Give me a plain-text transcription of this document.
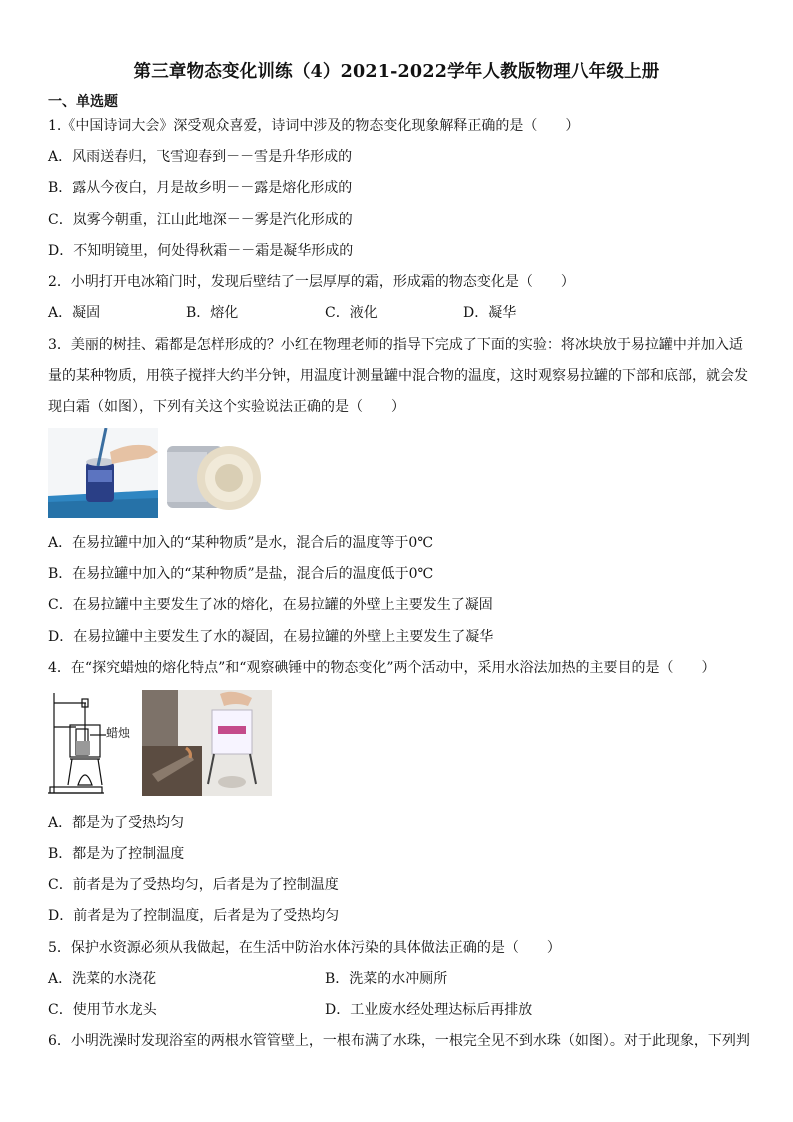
第三章物态变化训练（4）2021-2022学年人教版物理八年级上册
一、单选题
1.《中国诗词大会》深受观众喜爱，诗词中涉及的物态变化现象解释正确的是（　　）
A．风雨送春归，飞雪迎春到－－雪是升华形成的
B．露从今夜白，月是故乡明－－露是熔化形成的
C．岚雾今朝重，江山此地深－－雾是汽化形成的
D．不知明镜里，何处得秋霜－－霜是凝华形成的
2．小明打开电冰箱门时，发现后壁结了一层厚厚的霜，形成霜的物态变化是（　　）
A．凝固	B．熔化	C．液化	D．凝华
3．美丽的树挂、霜都是怎样形成的？小红在物理老师的指导下完成了下面的实验：将冰块放于易拉罐中并加入适
量的某种物质，用筷子搅拌大约半分钟，用温度计测量罐中混合物的温度，这时观察易拉罐的下部和底部，就会发
现白霜（如图），下列有关这个实验说法正确的是（　　）
A．在易拉罐中加入的“某种物质”是水，混合后的温度等于0℃
B．在易拉罐中加入的“某种物质”是盐，混合后的温度低于0℃
C．在易拉罐中主要发生了冰的熔化，在易拉罐的外壁上主要发生了凝固
D．在易拉罐中主要发生了水的凝固，在易拉罐的外壁上主要发生了凝华
4．在“探究蜡烛的熔化特点”和“观察碘锤中的物态变化”两个活动中，采用水浴法加热的主要目的是（　　）
蜡烛
A．都是为了受热均匀
B．都是为了控制温度
C．前者是为了受热均匀，后者是为了控制温度
D．前者是为了控制温度，后者是为了受热均匀
5．保护水资源必须从我做起，在生活中防治水体污染的具体做法正确的是（　　）
A．洗菜的水浇花	B．洗菜的水冲厕所
C．使用节水龙头	D．工业废水经处理达标后再排放
6．小明洗澡时发现浴室的两根水管管壁上，一根布满了水珠，一根完全见不到水珠（如图）。对于此现象，下列判
